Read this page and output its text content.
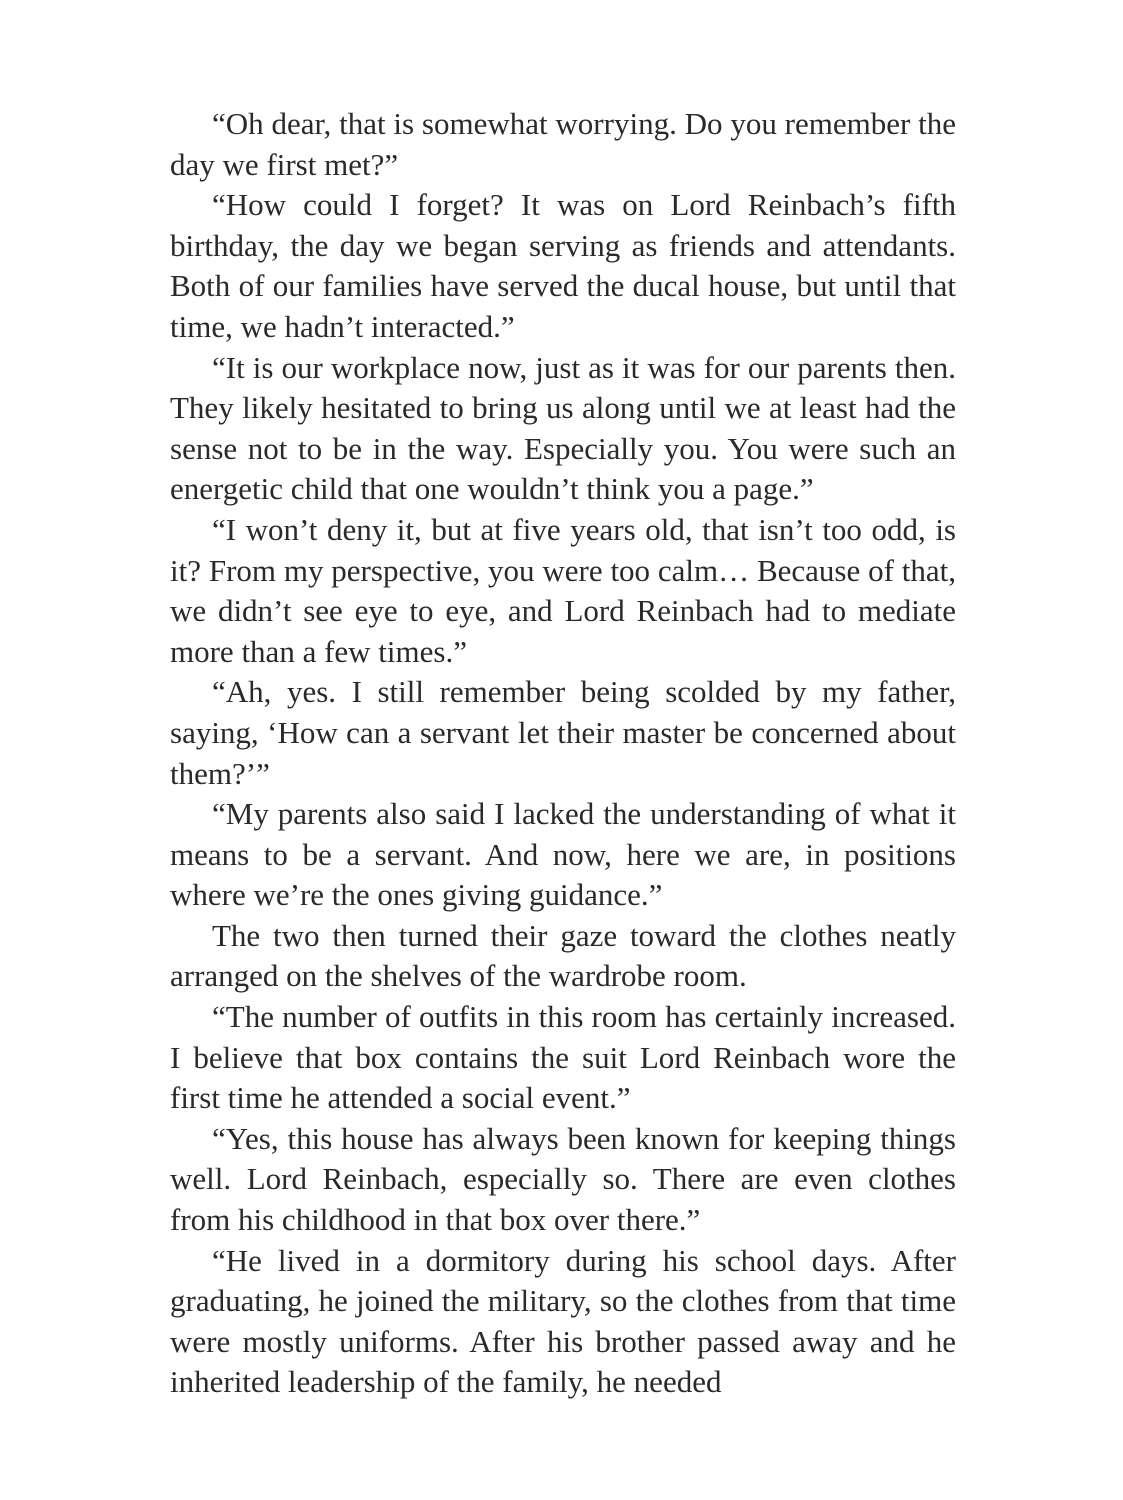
“Oh dear, that is somewhat worrying. Do you remember the day we first met?”

“How could I forget? It was on Lord Reinbach’s fifth birthday, the day we began serving as friends and attendants. Both of our families have served the ducal house, but until that time, we hadn’t interacted.”

“It is our workplace now, just as it was for our parents then. They likely hesitated to bring us along until we at least had the sense not to be in the way. Especially you. You were such an energetic child that one wouldn’t think you a page.”

“I won’t deny it, but at five years old, that isn’t too odd, is it? From my perspective, you were too calm… Because of that, we didn’t see eye to eye, and Lord Reinbach had to mediate more than a few times.”

“Ah, yes. I still remember being scolded by my father, saying, ‘How can a servant let their master be concerned about them?’”

“My parents also said I lacked the understanding of what it means to be a servant. And now, here we are, in positions where we’re the ones giving guidance.”

The two then turned their gaze toward the clothes neatly arranged on the shelves of the wardrobe room.

“The number of outfits in this room has certainly increased. I believe that box contains the suit Lord Reinbach wore the first time he attended a social event.”

“Yes, this house has always been known for keeping things well. Lord Reinbach, especially so. There are even clothes from his childhood in that box over there.”

“He lived in a dormitory during his school days. After graduating, he joined the military, so the clothes from that time were mostly uniforms. After his brother passed away and he inherited leadership of the family, he needed
